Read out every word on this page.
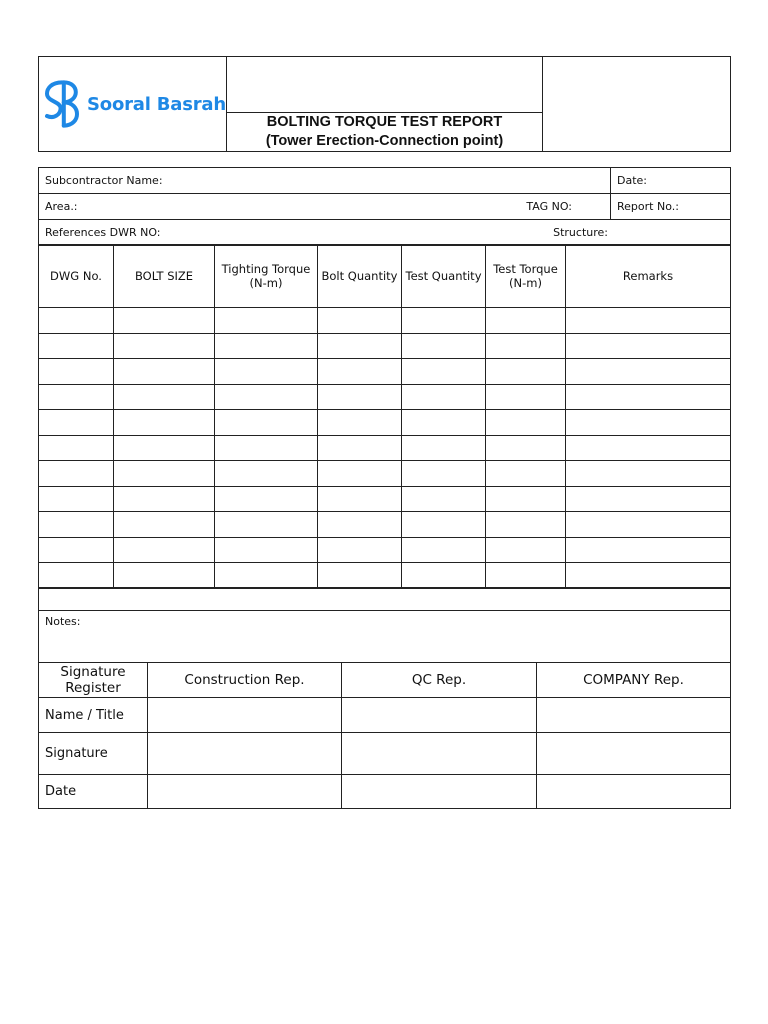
Sooral Basrah

BOLTING TORQUE TEST REPORT
(Tower Erection-Connection point)
Subcontractor Name:	Date:
Area.: TAG NO:	Report No.:
References DWR NO: Structure:	
DWG No.	BOLT SIZE	Tighting Torque (N-m)	Bolt Quantity	Test Quantity	Test Torque (N-m)	Remarks

Notes:
Signature Register	Construction Rep.	QC Rep.	COMPANY Rep.
Name / Title			
Signature			
Date			
